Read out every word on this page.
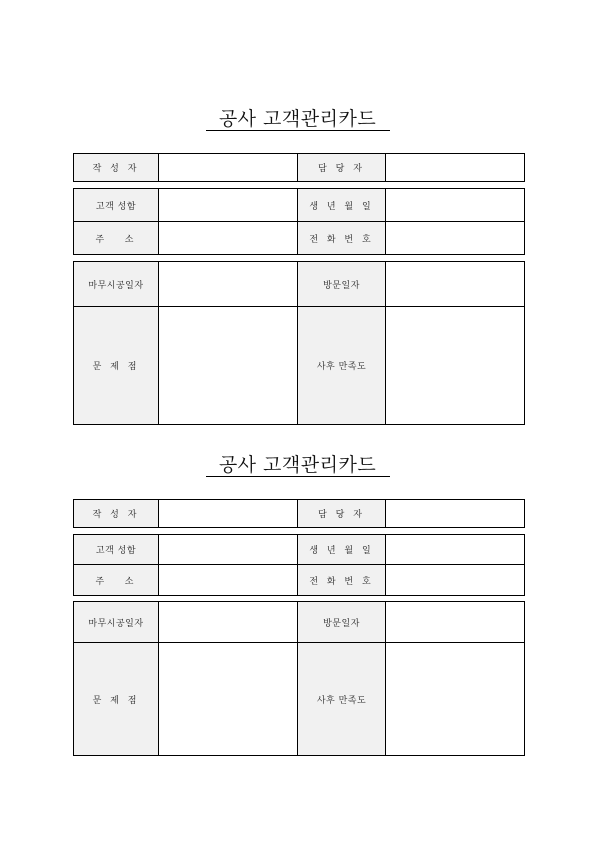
공사 고객관리카드
작 성 자		담 당 자	
고객 성함		생 년 월 일	
주   소		전 화 번 호	
마무시공일자		방문일자	
문 제 점		사후 만족도	
공사 고객관리카드
작 성 자		담 당 자	
고객 성함		생 년 월 일	
주   소		전 화 번 호	
마무시공일자		방문일자	
문 제 점		사후 만족도	
